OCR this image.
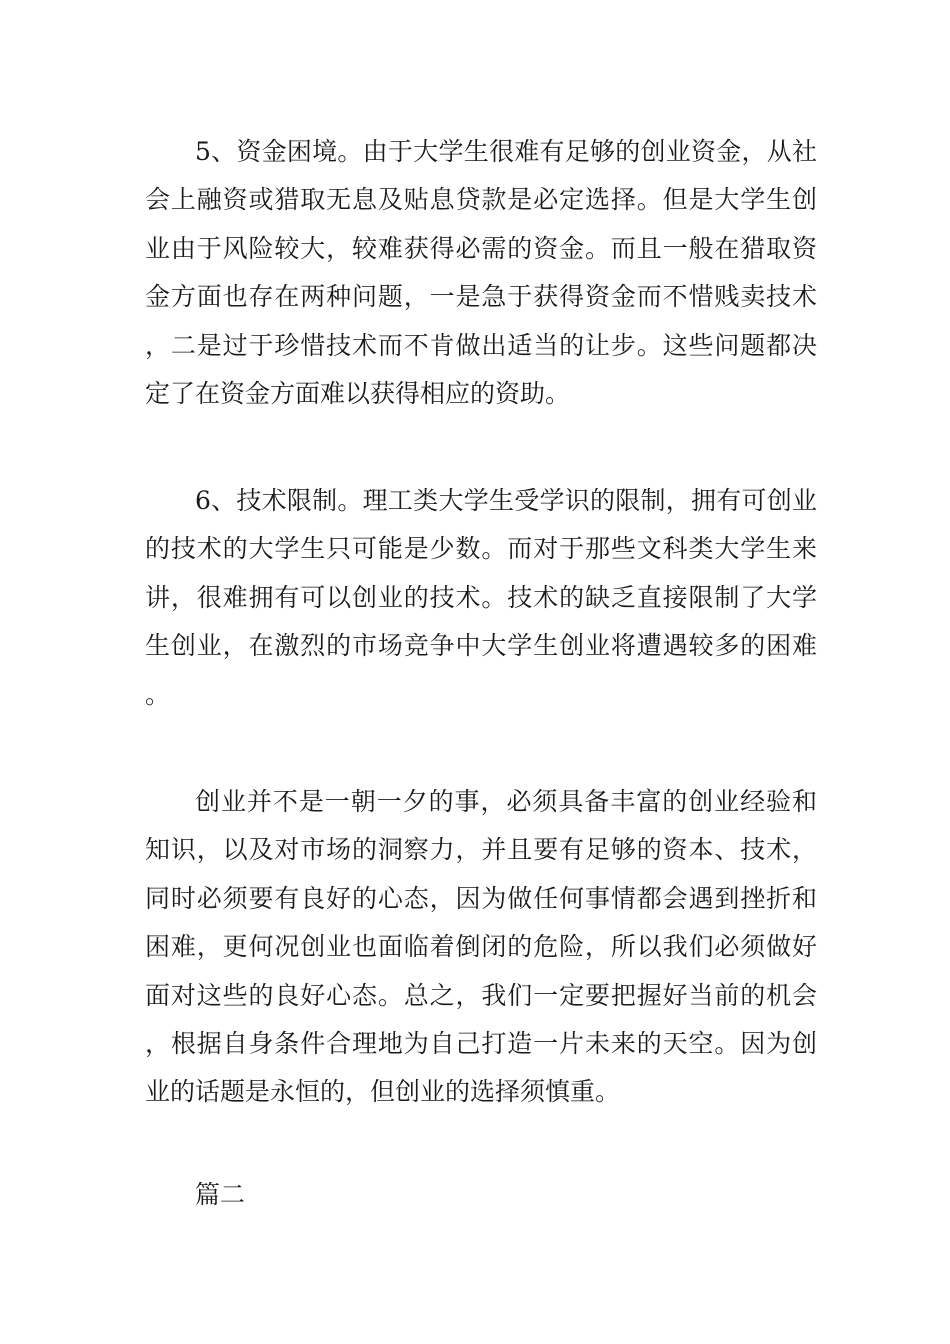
5、资金困境。由于大学生很难有足够的创业资金，从社会上融资或猎取无息及贴息贷款是必定选择。但是大学生创业由于风险较大，较难获得必需的资金。而且一般在猎取资金方面也存在两种问题，一是急于获得资金而不惜贱卖技术，二是过于珍惜技术而不肯做出适当的让步。这些问题都决定了在资金方面难以获得相应的资助。

6、技术限制。理工类大学生受学识的限制，拥有可创业的技术的大学生只可能是少数。而对于那些文科类大学生来讲，很难拥有可以创业的技术。技术的缺乏直接限制了大学生创业，在激烈的市场竞争中大学生创业将遭遇较多的困难。

创业并不是一朝一夕的事，必须具备丰富的创业经验和知识，以及对市场的洞察力，并且要有足够的资本、技术，同时必须要有良好的心态，因为做任何事情都会遇到挫折和困难，更何况创业也面临着倒闭的危险，所以我们必须做好面对这些的良好心态。总之，我们一定要把握好当前的机会，根据自身条件合理地为自己打造一片未来的天空。因为创业的话题是永恒的，但创业的选择须慎重。

篇二
